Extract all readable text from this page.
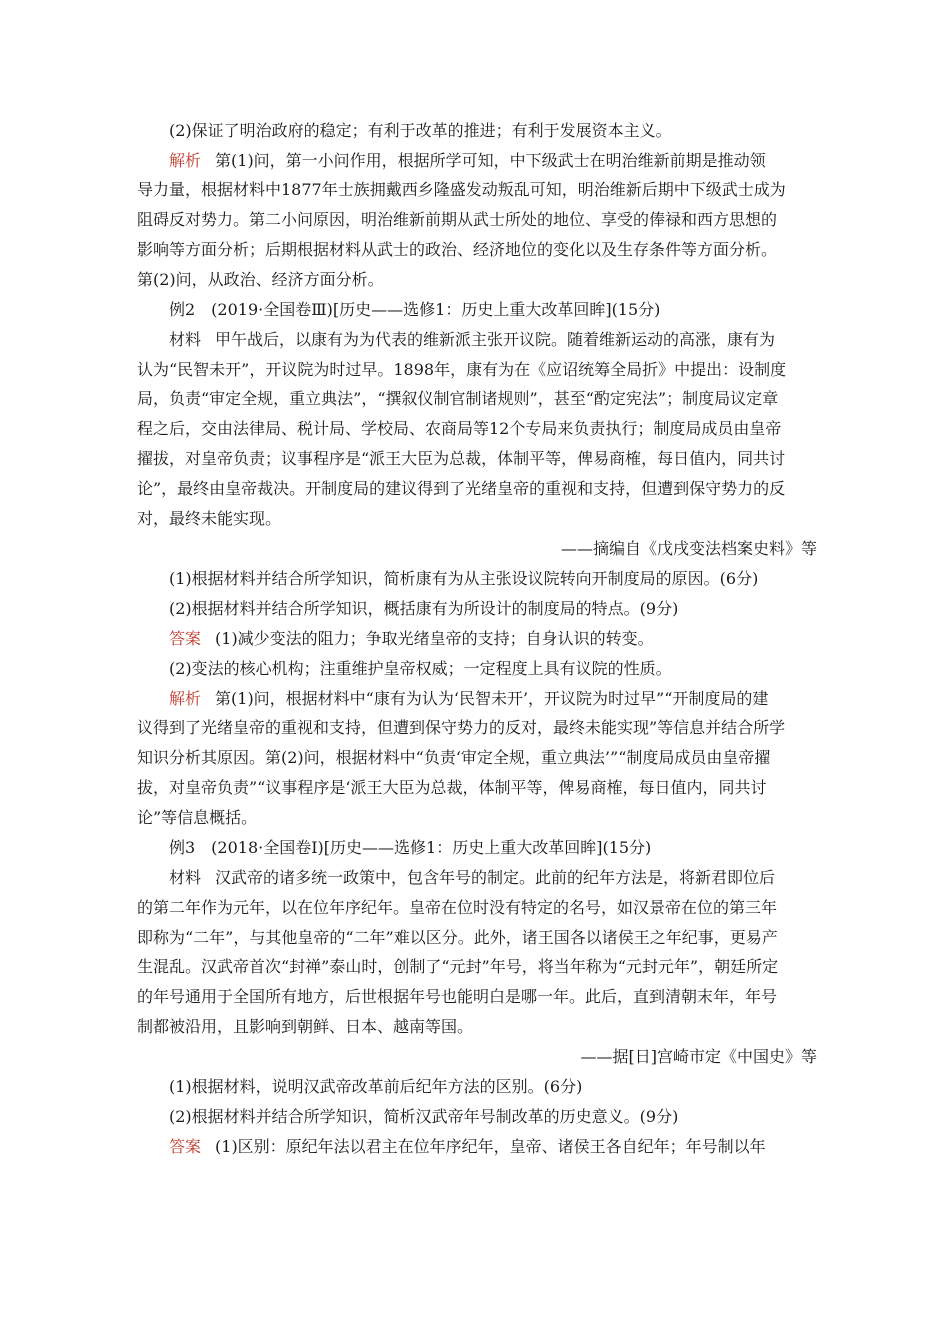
(2)保证了明治政府的稳定；有利于改革的推进；有利于发展资本主义。
解析 第(1)问，第一小问作用，根据所学可知，中下级武士在明治维新前期是推动领
导力量，根据材料中1877年士族拥戴西乡隆盛发动叛乱可知，明治维新后期中下级武士成为
阻碍反对势力。第二小问原因，明治维新前期从武士所处的地位、享受的俸禄和西方思想的
影响等方面分析；后期根据材料从武士的政治、经济地位的变化以及生存条件等方面分析。
第(2)问，从政治、经济方面分析。
例2　(2019·全国卷Ⅲ)[历史——选修1：历史上重大改革回眸](15分)
材料 甲午战后，以康有为为代表的维新派主张开议院。随着维新运动的高涨，康有为
认为“民智未开”，开议院为时过早。1898年，康有为在《应诏统筹全局折》中提出：设制度
局，负责“审定全规，重立典法”，“撰叙仪制官制诸规则”，甚至“酌定宪法”；制度局议定章
程之后，交由法律局、税计局、学校局、农商局等12个专局来负责执行；制度局成员由皇帝
擢拔，对皇帝负责；议事程序是“派王大臣为总裁，体制平等，俾易商榷，每日值内，同共讨
论”，最终由皇帝裁决。开制度局的建议得到了光绪皇帝的重视和支持，但遭到保守势力的反
对，最终未能实现。
——摘编自《戊戌变法档案史料》等
(1)根据材料并结合所学知识，简析康有为从主张设议院转向开制度局的原因。(6分)
(2)根据材料并结合所学知识，概括康有为所设计的制度局的特点。(9分)
答案 (1)减少变法的阻力；争取光绪皇帝的支持；自身认识的转变。
(2)变法的核心机构；注重维护皇帝权威；一定程度上具有议院的性质。
解析 第(1)问，根据材料中“康有为认为‘民智未开’，开议院为时过早”“开制度局的建
议得到了光绪皇帝的重视和支持，但遭到保守势力的反对，最终未能实现”等信息并结合所学
知识分析其原因。第(2)问，根据材料中“负责‘审定全规，重立典法’”“制度局成员由皇帝擢
拔，对皇帝负责”“议事程序是‘派王大臣为总裁，体制平等，俾易商榷，每日值内，同共讨
论”等信息概括。
例3　(2018·全国卷Ⅰ)[历史——选修1：历史上重大改革回眸](15分)
材料 汉武帝的诸多统一政策中，包含年号的制定。此前的纪年方法是，将新君即位后
的第二年作为元年，以在位年序纪年。皇帝在位时没有特定的名号，如汉景帝在位的第三年
即称为“二年”，与其他皇帝的“二年”难以区分。此外，诸王国各以诸侯王之年纪事，更易产
生混乱。汉武帝首次“封禅”泰山时，创制了“元封”年号，将当年称为“元封元年”，朝廷所定
的年号通用于全国所有地方，后世根据年号也能明白是哪一年。此后，直到清朝末年，年号
制都被沿用，且影响到朝鲜、日本、越南等国。
——据[日]宫崎市定《中国史》等
(1)根据材料，说明汉武帝改革前后纪年方法的区别。(6分)
(2)根据材料并结合所学知识，简析汉武帝年号制改革的历史意义。(9分)
答案 (1)区别：原纪年法以君主在位年序纪年，皇帝、诸侯王各自纪年；年号制以年
